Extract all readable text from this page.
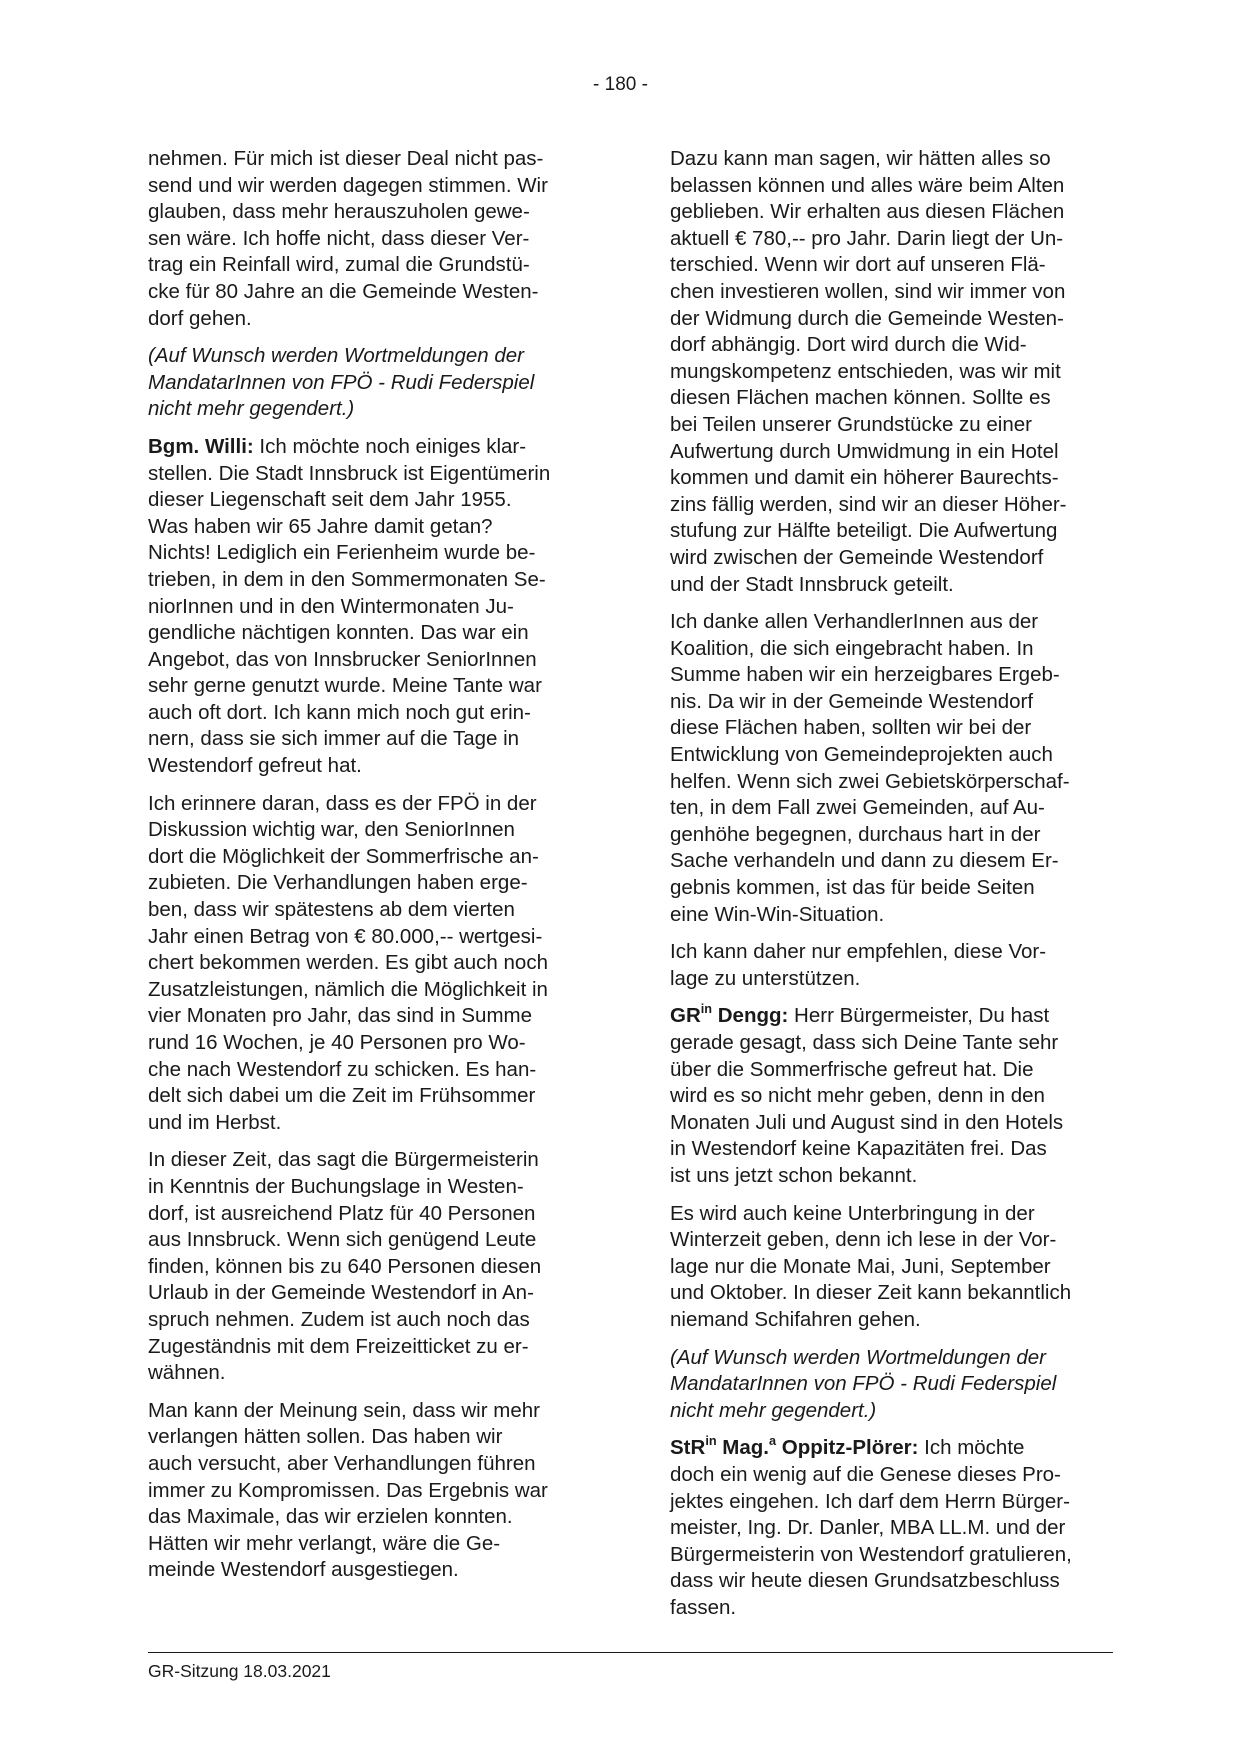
- 180 -
nehmen. Für mich ist dieser Deal nicht pas-
send und wir werden dagegen stimmen. Wir
glauben, dass mehr herauszuholen gewe-
sen wäre. Ich hoffe nicht, dass dieser Ver-
trag ein Reinfall wird, zumal die Grundstü-
cke für 80 Jahre an die Gemeinde Westen-
dorf gehen.
(Auf Wunsch werden Wortmeldungen der
MandatarInnen von FPÖ - Rudi Federspiel
nicht mehr gegendert.)
Bgm. Willi: Ich möchte noch einiges klar-
stellen. Die Stadt Innsbruck ist Eigentümerin
dieser Liegenschaft seit dem Jahr 1955.
Was haben wir 65 Jahre damit getan?
Nichts! Lediglich ein Ferienheim wurde be-
trieben, in dem in den Sommermonaten Se-
niorInnen und in den Wintermonaten Ju-
gendliche nächtigen konnten. Das war ein
Angebot, das von Innsbrucker SeniorInnen
sehr gerne genutzt wurde. Meine Tante war
auch oft dort. Ich kann mich noch gut erin-
nern, dass sie sich immer auf die Tage in
Westendorf gefreut hat.
Ich erinnere daran, dass es der FPÖ in der
Diskussion wichtig war, den SeniorInnen
dort die Möglichkeit der Sommerfrische an-
zubieten. Die Verhandlungen haben erge-
ben, dass wir spätestens ab dem vierten
Jahr einen Betrag von € 80.000,-- wertgesi-
chert bekommen werden. Es gibt auch noch
Zusatzleistungen, nämlich die Möglichkeit in
vier Monaten pro Jahr, das sind in Summe
rund 16 Wochen, je 40 Personen pro Wo-
che nach Westendorf zu schicken. Es han-
delt sich dabei um die Zeit im Frühsommer
und im Herbst.
In dieser Zeit, das sagt die Bürgermeisterin
in Kenntnis der Buchungslage in Westen-
dorf, ist ausreichend Platz für 40 Personen
aus Innsbruck. Wenn sich genügend Leute
finden, können bis zu 640 Personen diesen
Urlaub in der Gemeinde Westendorf in An-
spruch nehmen. Zudem ist auch noch das
Zugeständnis mit dem Freizeitticket zu er-
wähnen.
Man kann der Meinung sein, dass wir mehr
verlangen hätten sollen. Das haben wir
auch versucht, aber Verhandlungen führen
immer zu Kompromissen. Das Ergebnis war
das Maximale, das wir erzielen konnten.
Hätten wir mehr verlangt, wäre die Ge-
meinde Westendorf ausgestiegen.
Dazu kann man sagen, wir hätten alles so
belassen können und alles wäre beim Alten
geblieben. Wir erhalten aus diesen Flächen
aktuell € 780,-- pro Jahr. Darin liegt der Un-
terschied. Wenn wir dort auf unseren Flä-
chen investieren wollen, sind wir immer von
der Widmung durch die Gemeinde Westen-
dorf abhängig. Dort wird durch die Wid-
mungskompetenz entschieden, was wir mit
diesen Flächen machen können. Sollte es
bei Teilen unserer Grundstücke zu einer
Aufwertung durch Umwidmung in ein Hotel
kommen und damit ein höherer Baurechts-
zins fällig werden, sind wir an dieser Höher-
stufung zur Hälfte beteiligt. Die Aufwertung
wird zwischen der Gemeinde Westendorf
und der Stadt Innsbruck geteilt.
Ich danke allen VerhandlerInnen aus der
Koalition, die sich eingebracht haben. In
Summe haben wir ein herzeigbares Ergeb-
nis. Da wir in der Gemeinde Westendorf
diese Flächen haben, sollten wir bei der
Entwicklung von Gemeindeprojekten auch
helfen. Wenn sich zwei Gebietskörperschaf-
ten, in dem Fall zwei Gemeinden, auf Au-
genhöhe begegnen, durchaus hart in der
Sache verhandeln und dann zu diesem Er-
gebnis kommen, ist das für beide Seiten
eine Win-Win-Situation.
Ich kann daher nur empfehlen, diese Vor-
lage zu unterstützen.
$GR^{in}$ Dengg: Herr Bürgermeister, Du hast
gerade gesagt, dass sich Deine Tante sehr
über die Sommerfrische gefreut hat. Die
wird es so nicht mehr geben, denn in den
Monaten Juli und August sind in den Hotels
in Westendorf keine Kapazitäten frei. Das
ist uns jetzt schon bekannt.
Es wird auch keine Unterbringung in der
Winterzeit geben, denn ich lese in der Vor-
lage nur die Monate Mai, Juni, September
und Oktober. In dieser Zeit kann bekanntlich
niemand Schifahren gehen.
(Auf Wunsch werden Wortmeldungen der
MandatarInnen von FPÖ - Rudi Federspiel
nicht mehr gegendert.)
StR$^{in}$ Mag.$^a$ Oppitz-Plörer: Ich möchte
doch ein wenig auf die Genese dieses Pro-
jektes eingehen. Ich darf dem Herrn Bürger-
meister, Ing. Dr. Danler, MBA LL.M. und der
Bürgermeisterin von Westendorf gratulieren,
dass wir heute diesen Grundsatzbeschluss
fassen.
GR-Sitzung 18.03.2021
